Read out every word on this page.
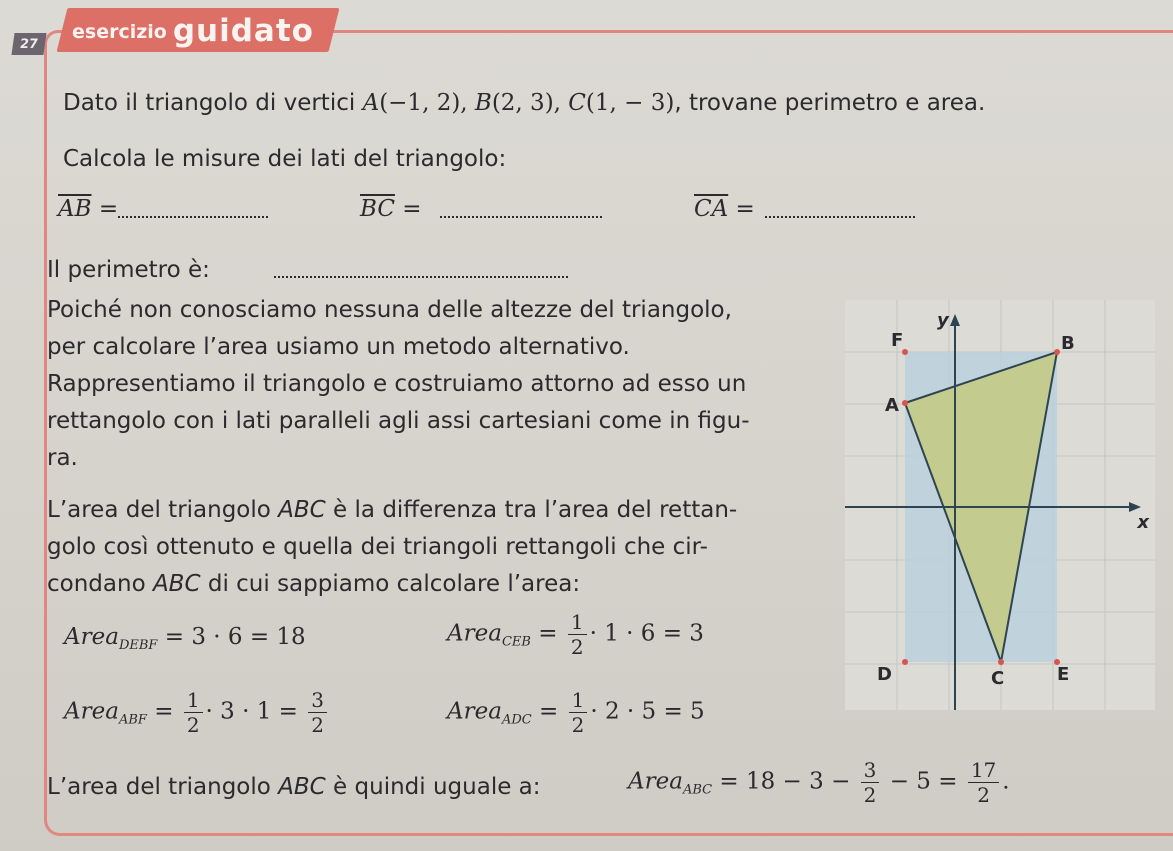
27
esercizio guidato
Dato il triangolo di vertici A(−1, 2), B(2, 3), C(1, − 3), trovane perimetro e area.
Calcola le misure dei lati del triangolo:
$\overline{AB}$ =	$\overline{BC}$ =	$\overline{CA}$ =
Il perimetro è:
Poiché non conosciamo nessuna delle altezze del triangolo,
per calcolare l’area usiamo un metodo alternativo.
Rappresentiamo il triangolo e costruiamo attorno ad esso un
rettangolo con i lati paralleli agli assi cartesiani come in figu-
ra.
L’area del triangolo ABC è la differenza tra l’area del rettan-
golo così ottenuto e quella dei triangoli rettangoli che cir-
condano ABC di cui sappiamo calcolare l’area:
Area$_{DEBF}$ = 3 · 6 = 18	Area$_{CEB}$ = $\frac{1}{2} \cdot 1 \cdot 6 = 3$
Area$_{ABF}$ = $\frac{1}{2} \cdot 3 \cdot 1 = \frac{3}{2}$	Area$_{ADC}$ = $\frac{1}{2} \cdot 2 \cdot 5 = 5$
L’area del triangolo ABC è quindi uguale a:	Area$_{ABC}$ = $18 - 3 - \frac{3}{2} - 5 = \frac{17}{2}$ .
x
y
A
B
C
D	E
F
